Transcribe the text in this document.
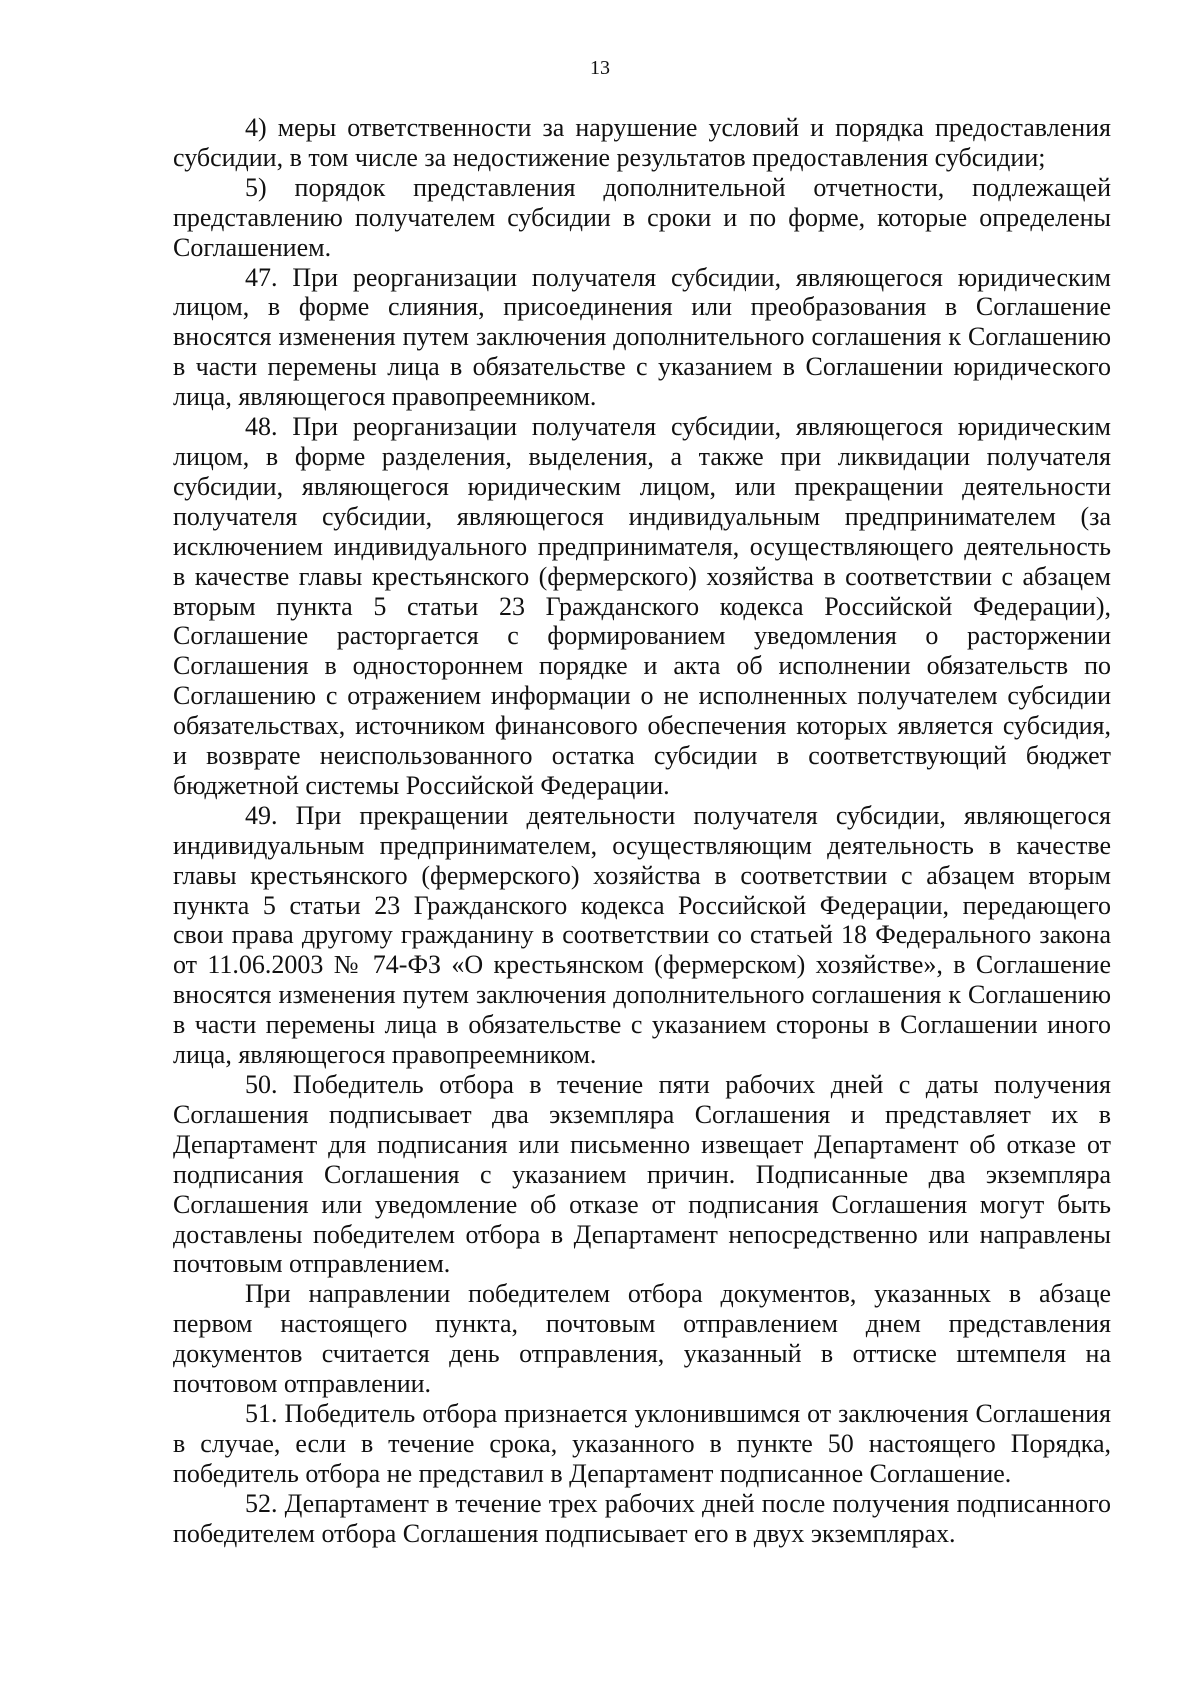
13

4) меры ответственности за нарушение условий и порядка предоставления субсидии, в том числе за недостижение результатов предоставления субсидии;

5) порядок представления дополнительной отчетности, подлежащей представлению получателем субсидии в сроки и по форме, которые определены Соглашением.

47. При реорганизации получателя субсидии, являющегося юридическим лицом, в форме слияния, присоединения или преобразования в Соглашение вносятся изменения путем заключения дополнительного соглашения к Соглашению в части перемены лица в обязательстве с указанием в Соглашении юридического лица, являющегося правопреемником.

48. При реорганизации получателя субсидии, являющегося юридическим лицом, в форме разделения, выделения, а также при ликвидации получателя субсидии, являющегося юридическим лицом, или прекращении деятельности получателя субсидии, являющегося индивидуальным предпринимателем (за исключением индивидуального предпринимателя, осуществляющего деятельность в качестве главы крестьянского (фермерского) хозяйства в соответствии с абзацем вторым пункта 5 статьи 23 Гражданского кодекса Российской Федерации), Соглашение расторгается с формированием уведомления о расторжении Соглашения в одностороннем порядке и акта об исполнении обязательств по Соглашению с отражением информации о не исполненных получателем субсидии обязательствах, источником финансового обеспечения которых является субсидия, и возврате неиспользованного остатка субсидии в соответствующий бюджет бюджетной системы Российской Федерации.

49. При прекращении деятельности получателя субсидии, являющегося индивидуальным предпринимателем, осуществляющим деятельность в качестве главы крестьянского (фермерского) хозяйства в соответствии с абзацем вторым пункта 5 статьи 23 Гражданского кодекса Российской Федерации, передающего свои права другому гражданину в соответствии со статьей 18 Федерального закона от 11.06.2003 № 74-ФЗ «О крестьянском (фермерском) хозяйстве», в Соглашение вносятся изменения путем заключения дополнительного соглашения к Соглашению в части перемены лица в обязательстве с указанием стороны в Соглашении иного лица, являющегося правопреемником.

50. Победитель отбора в течение пяти рабочих дней с даты получения Соглашения подписывает два экземпляра Соглашения и представляет их в Департамент для подписания или письменно извещает Департамент об отказе от подписания Соглашения с указанием причин. Подписанные два экземпляра Соглашения или уведомление об отказе от подписания Соглашения могут быть доставлены победителем отбора в Департамент непосредственно или направлены почтовым отправлением.

При направлении победителем отбора документов, указанных в абзаце первом настоящего пункта, почтовым отправлением днем представления документов считается день отправления, указанный в оттиске штемпеля на почтовом отправлении.

51. Победитель отбора признается уклонившимся от заключения Соглашения в случае, если в течение срока, указанного в пункте 50 настоящего Порядка, победитель отбора не представил в Департамент подписанное Соглашение.

52. Департамент в течение трех рабочих дней после получения подписанного победителем отбора Соглашения подписывает его в двух экземплярах.
